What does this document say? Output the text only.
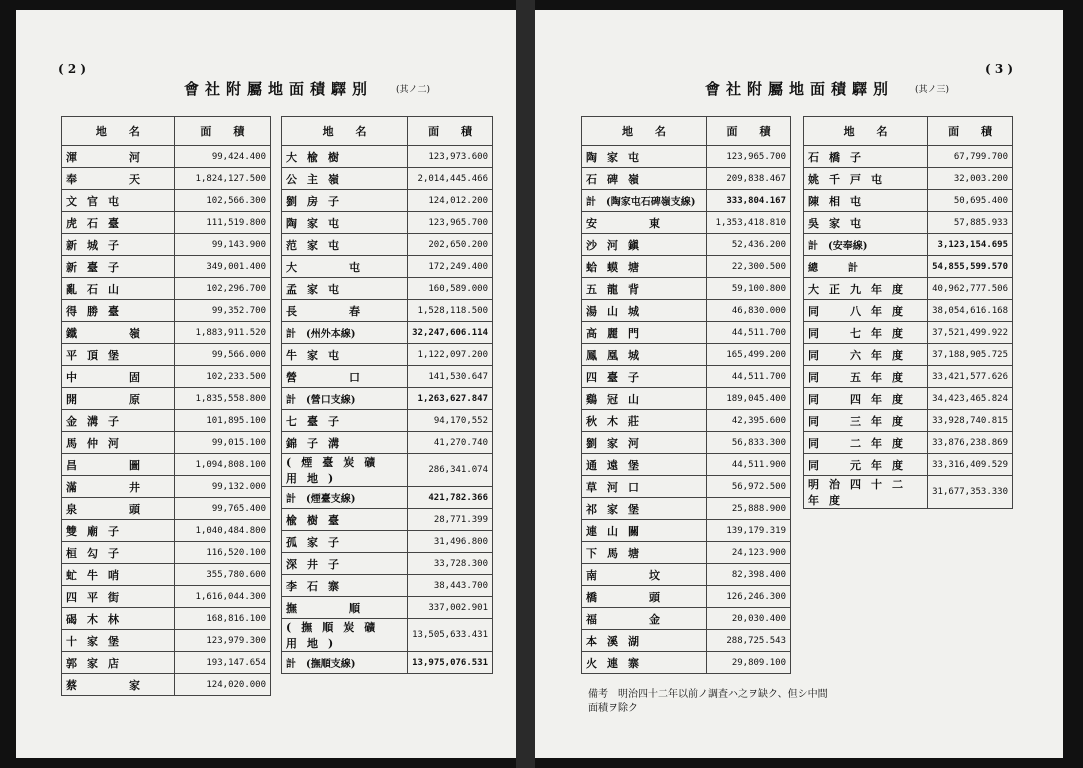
( 2 )
會社附屬地面積驛別	(其ノ二)
地　　名	面　　積
渾　　河	99,424.400
奉　　天	1,824,127.500
文官屯	102,566.300
虎石臺	111,519.800
新城子	99,143.900
新臺子	349,001.400
亂石山	102,296.700
得勝臺	99,352.700
鐵　　嶺	1,883,911.520
平頂堡	99,566.000
中　　固	102,233.500
開　　原	1,835,558.800
金溝子	101,895.100
馬仲河	99,015.100
昌　　圖	1,094,808.100
滿　　井	99,132.000
泉　　頭	99,765.400
雙廟子	1,040,484.800
桓勾子	116,520.100
虻牛哨	355,780.600
四平街	1,616,044.300
碣木林	168,816.100
十家堡	123,979.300
郭家店	193,147.654
蔡　　家	124,020.000
地　　名	面　　積
大楡樹	123,973.600
公主嶺	2,014,445.466
劉房子	124,012.200
陶家屯	123,965.700
范家屯	202,650.200
大　　屯	172,249.400
孟家屯	160,589.000
長　　春	1,528,118.500
計　(州外本線)	32,247,606.114
牛家屯	1,122,097.200
營　　口	141,530.647
計　(營口支線)	1,263,627.847
七臺子	94,170,552
錦子溝	41,270.740
(煙臺炭礦用地)	286,341.074
計　(煙臺支線)	421,782.366
楡樹臺	28,771.399
孤家子	31,496.800
深井子	33,728.300
李石寨	38,443.700
撫　　順	337,002.901
(撫順炭礦用地)	13,505,633.431
計　(撫順支線)	13,975,076.531
( 3 )
會社附屬地面積驛別 (其ノ三)
地　　名	面　　積
陶家屯	123,965.700
石碑嶺	209,838.467
計　(陶家屯石碑嶺支線)	333,804.167
安　　東	1,353,418.810
沙河鎭	52,436.200
蛤蟆塘	22,300.500
五龍背	59,100.800
湯山城	46,830.000
高麗門	44,511.700
鳳凰城	165,499.200
四臺子	44,511.700
鷄冠山	189,045.400
秋木莊	42,395.600
劉家河	56,833.300
通遠堡	44,511.900
草河口	56,972.500
祁家堡	25,888.900
連山關	139,179.319
下馬塘	24,123.900
南　　坟	82,398.400
橋　　頭	126,246.300
福　　金	20,030.400
本溪湖	288,725.543
火連寨	29,809.100
地　　名	面　　積
石橋子	67,799.700
姚千戸屯	32,003.200
陳相屯	50,695.400
吳家屯	57,885.933
計　(安奉線)	3,123,154.695
總　　　計	54,855,599.570
大正九年度	40,962,777.506
同　八年度	38,054,616.168
同　七年度	37,521,499.922
同　六年度	37,188,905.725
同　五年度	33,421,577.626
同　四年度	34,423,465.824
同　三年度	33,928,740.815
同　二年度	33,876,238.869
同　元年度	33,316,409.529
明治四十二年度	31,677,353.330
備考　明治四十二年以前ノ調査ハ之ヲ缺ク、但シ中間面積ヲ除ク
